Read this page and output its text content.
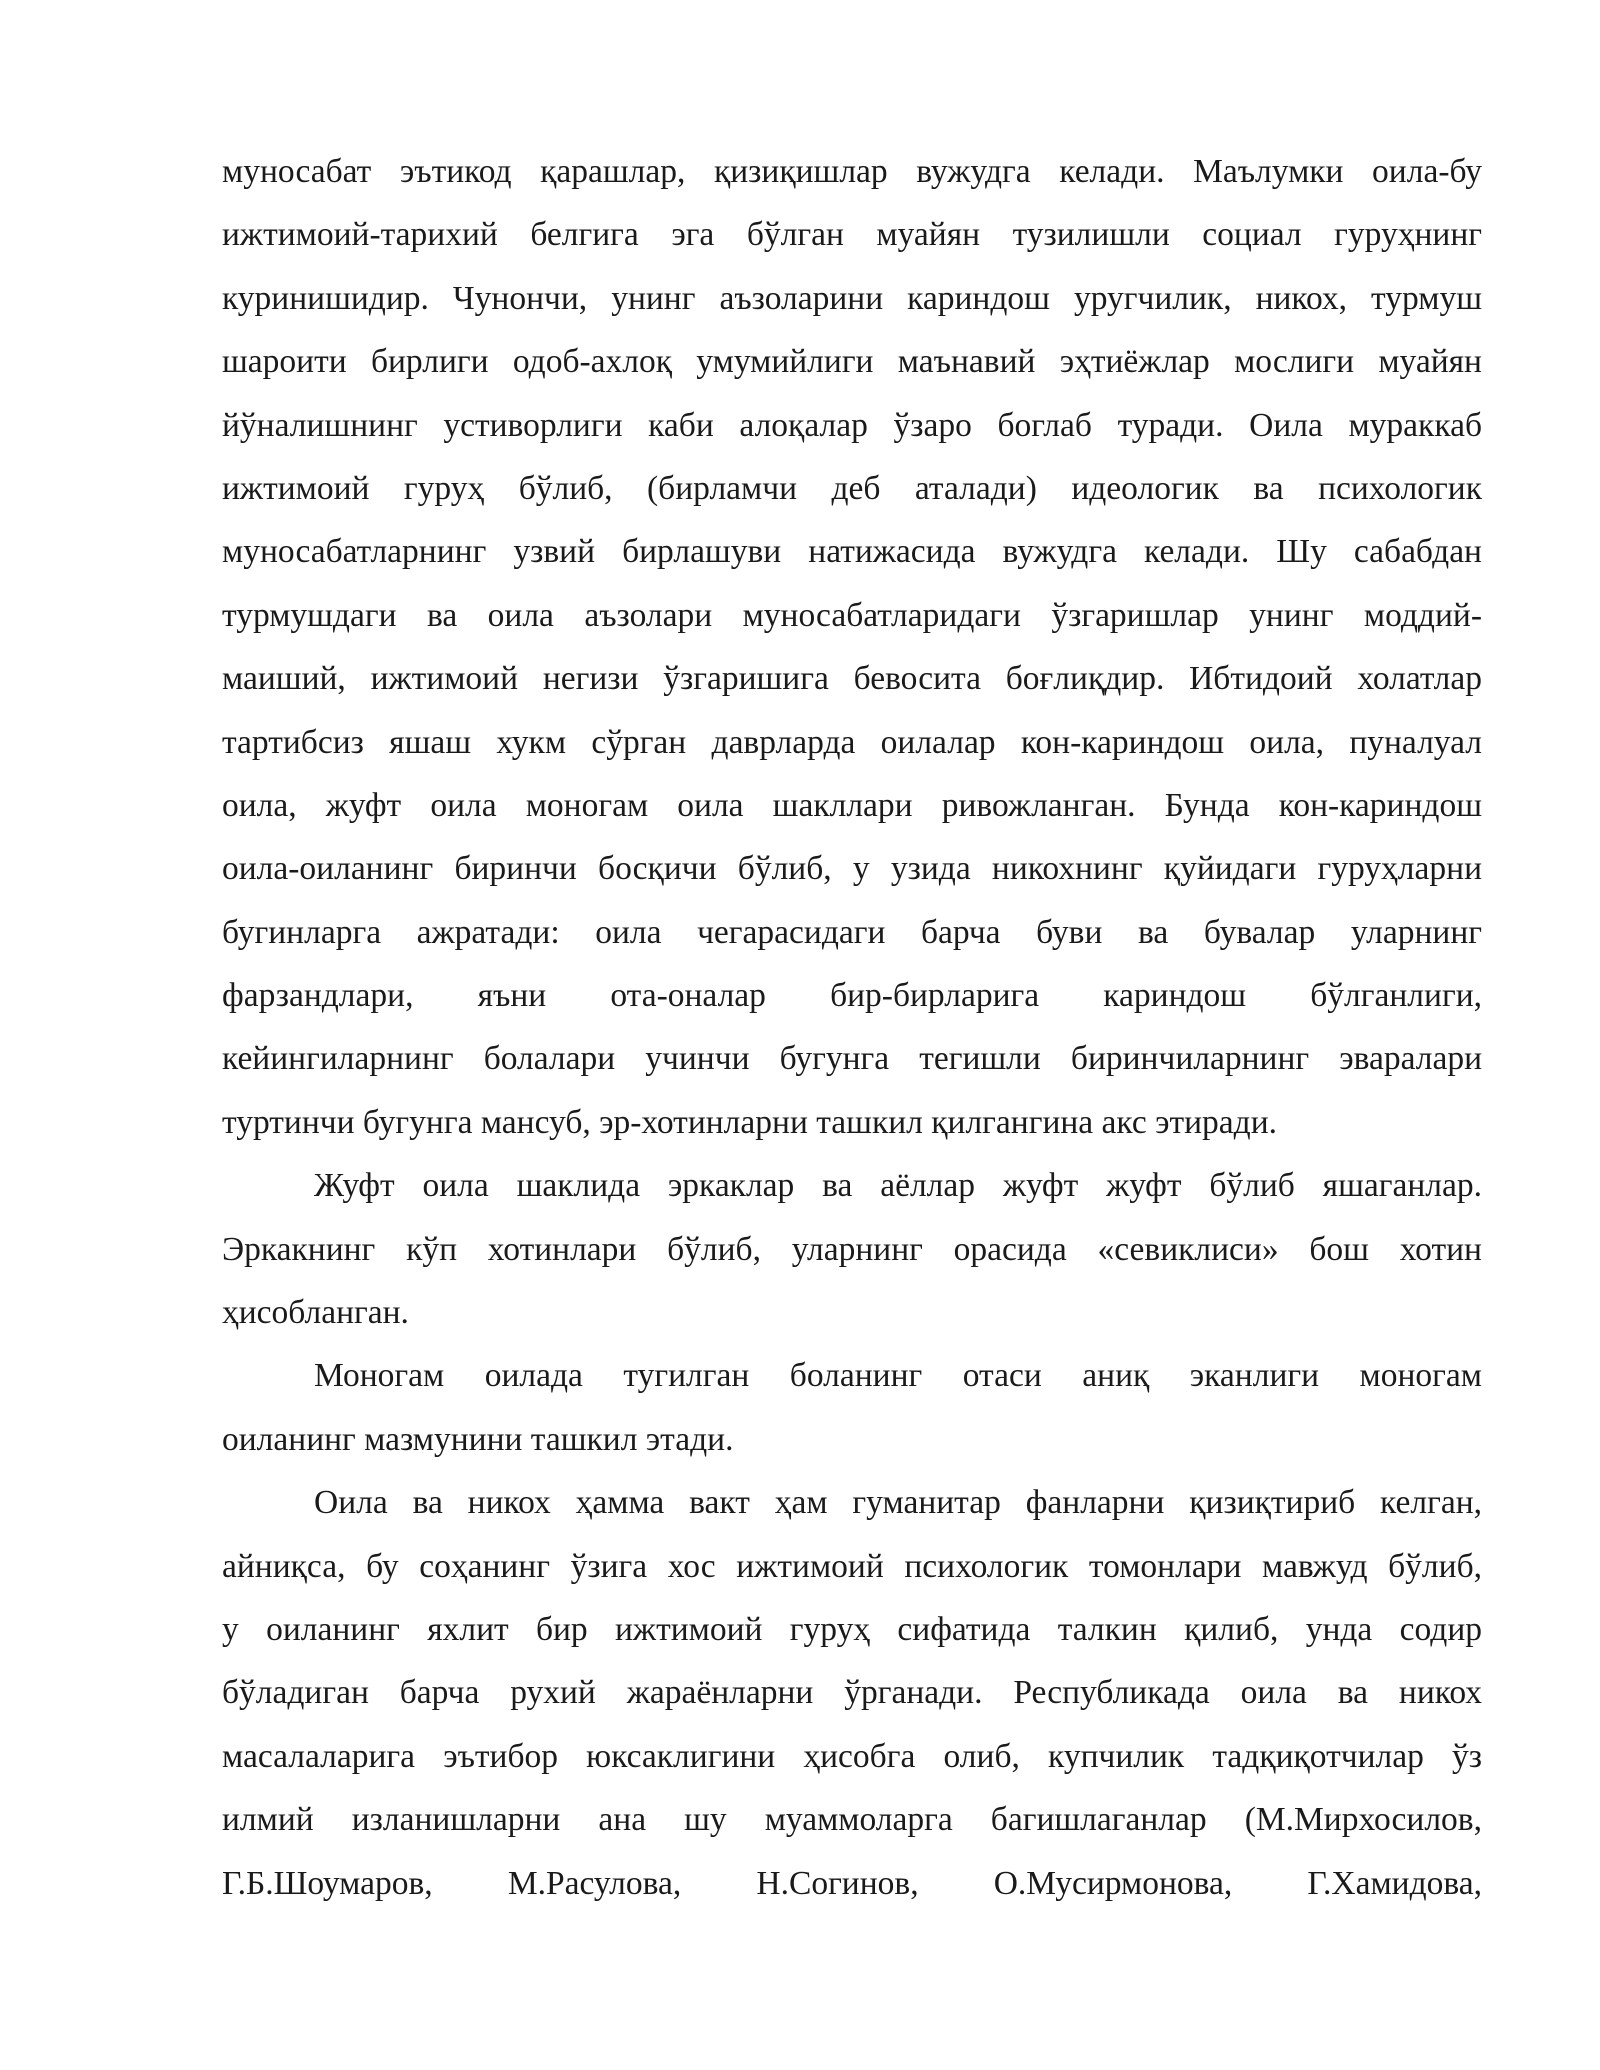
муносабат эътикод қарашлар, қизиқишлар вужудга келади. Маълумки оила-бу
ижтимоий-тарихий белгига эга бўлган муайян тузилишли социал гуруҳнинг
куринишидир. Чунончи, унинг аъзоларини кариндош уругчилик, никох, турмуш
шароити бирлиги одоб-ахлоқ умумийлиги маънавий эҳтиёжлар мослиги муайян
йўналишнинг устиворлиги каби алоқалар ўзаро боглаб туради. Оила мураккаб
ижтимоий гуруҳ бўлиб, (бирламчи деб аталади) идеологик ва психологик
муносабатларнинг узвий бирлашуви натижасида вужудга келади. Шу сабабдан
турмушдаги ва оила аъзолари муносабатларидаги ўзгаришлар унинг моддий-
маиший, ижтимоий негизи ўзгаришига бевосита боғлиқдир. Ибтидоий холатлар
тартибсиз яшаш хукм сўрган даврларда оилалар кон-кариндош оила, пуналуал
оила, жуфт оила моногам оила шакллари ривожланган. Бунда кон-кариндош
оила-оиланинг биринчи босқичи бўлиб, у узида никохнинг қуйидаги гуруҳларни
бугинларга ажратади: оила чегарасидаги барча буви ва бувалар уларнинг
фарзандлари, яъни ота-оналар бир-бирларига кариндош бўлганлиги,
кейингиларнинг болалари учинчи бугунга тегишли биринчиларнинг эваралари
туртинчи бугунга мансуб, эр-хотинларни ташкил қилгангина акс этиради.
Жуфт оила шаклида эркаклар ва аёллар жуфт жуфт бўлиб яшаганлар.
Эркакнинг кўп хотинлари бўлиб, уларнинг орасида «севиклиси» бош хотин
ҳисобланган.
Моногам оилада тугилган боланинг отаси аниқ эканлиги моногам
оиланинг мазмунини ташкил этади.
Оила ва никох ҳамма вакт ҳам гуманитар фанларни қизиқтириб келган,
айниқса, бу соҳанинг ўзига хос ижтимоий психологик томонлари мавжуд бўлиб,
у оиланинг яхлит бир ижтимоий гуруҳ сифатида талкин қилиб, унда содир
бўладиган барча рухий жараёнларни ўрганади. Республикада оила ва никох
масалаларига эътибор юксаклигини ҳисобга олиб, купчилик тадқиқотчилар ўз
илмий изланишларни ана шу муаммоларга багишлаганлар (М.Мирхосилов,
Г.Б.Шоумаров, М.Расулова, Н.Согинов, О.Мусирмонова, Г.Хамидова,
